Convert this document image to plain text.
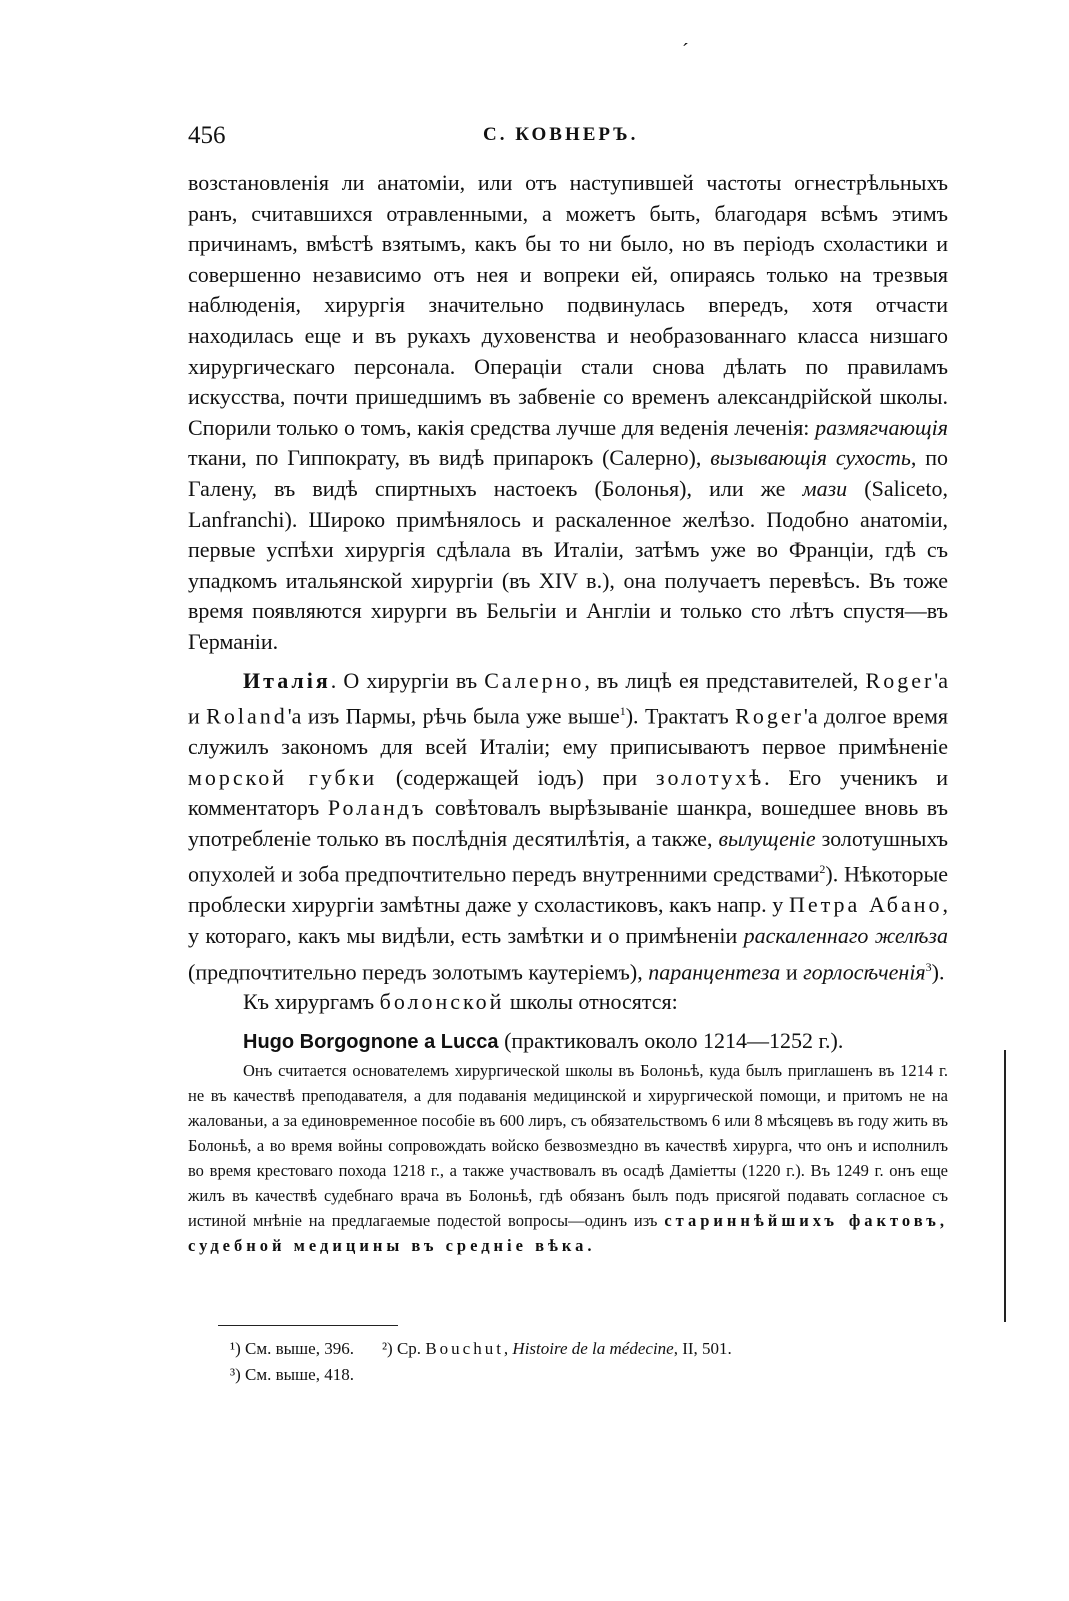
ˊ
456	С. КОВНЕРЪ.

возстановленія ли анатоміи, или отъ наступившей частоты огнестрѣльныхъ ранъ, считавшихся отравленными, а можетъ быть, благодаря всѣмъ этимъ причинамъ, вмѣстѣ взятымъ, какъ бы то ни было, но въ періодъ схоластики и совершенно независимо отъ нея и вопреки ей, опираясь только на трезвыя наблюденія, хирургія значительно подвинулась впередъ, хотя отчасти находилась еще и въ рукахъ духовенства и необразованнаго класса низшаго хирургическаго персонала. Операціи стали снова дѣлать по правиламъ искусства, почти пришедшимъ въ забвеніе со временъ александрійской школы. Спорили только о томъ, какія средства лучше для веденія леченія: размягчающія ткани, по Гиппократу, въ видѣ припарокъ (Салерно), вызывающія сухость, по Галену, въ видѣ спиртныхъ настоекъ (Болонья), или же мази (Saliceto, Lanfranchi). Широко примѣнялось и раскаленное желѣзо. Подобно анатоміи, первые успѣхи хирургія сдѣлала въ Италіи, затѣмъ уже во Франціи, гдѣ съ упадкомъ итальянской хирургіи (въ XIV в.), она получаетъ перевѣсъ. Въ тоже время появляются хирурги въ Бельгіи и Англіи и только сто лѣтъ спустя—въ Германіи.

Италія. О хирургіи въ Салерно, въ лицѣ ея представителей, Roger'а и Roland'а изъ Пармы, рѣчь была уже выше$^1$). Трактатъ Roger'а долгое время служилъ закономъ для всей Италіи; ему приписываютъ первое примѣненіе морской губки (содержащей іодъ) при золотухѣ. Его ученикъ и комментаторъ Роландъ совѣтовалъ вырѣзываніе шанкра, вошедшее вновь въ употребленіе только въ послѣднія десятилѣтія, а также, вылущеніе золотушныхъ опухолей и зоба предпочтительно передъ внутренними средствами$^2$). Нѣкоторые проблески хирургіи замѣтны даже у схоластиковъ, какъ напр. у Петра Абано, у котораго, какъ мы видѣли, есть замѣтки и о примѣненіи раскаленнаго желѣза (предпочтительно передъ золотымъ каутеріемъ), паранцентеза и горлосѣченія$^3$).

Къ хирургамъ болонской школы относятся:

Hugo Borgognone a Lucca (практиковалъ около 1214—1252 г.).

Онъ считается основателемъ хирургической школы въ Болоньѣ, куда былъ приглашенъ въ 1214 г. не въ качествѣ преподавателя, а для подаванія медицинской и хирургической помощи, и притомъ не на жалованьи, а за единовременное пособіе въ 600 лиръ, съ обязательствомъ 6 или 8 мѣсяцевъ въ году жить въ Болоньѣ, а во время войны сопровождать войско безвозмездно въ качествѣ хирурга, что онъ и исполнилъ во время крестоваго похода 1218 г., а также участвовалъ въ осадѣ Даміетты (1220 г.). Въ 1249 г. онъ еще жилъ въ качествѣ судебнаго врача въ Болоньѣ, гдѣ обязанъ былъ подъ присягой подавать согласное съ истиной мнѣніе на предлагаемые подестой вопросы—одинъ изъ стариннѣйшихъ фактовъ, судебной медицины въ средніе вѣка.

¹) См. выше, 396. ²) Ср. Bouchut, Histoire de la médecine, II, 501.
³) См. выше, 418.
